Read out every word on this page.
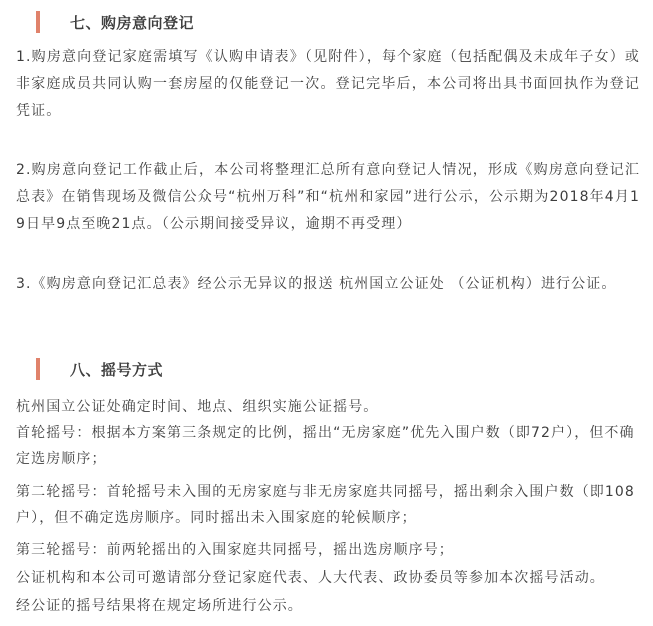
七、购房意向登记

1.购房意向登记家庭需填写《认购申请表》（见附件），每个家庭（包括配偶及未成年子女）或非家庭成员共同认购一套房屋的仅能登记一次。登记完毕后，本公司将出具书面回执作为登记凭证。

2.购房意向登记工作截止后，本公司将整理汇总所有意向登记人情况，形成《购房意向登记汇总表》在销售现场及微信公众号“杭州万科”和“杭州和家园”进行公示，公示期为2018年4月19日早9点至晚21点。（公示期间接受异议，逾期不再受理）

3.《购房意向登记汇总表》经公示无异议的报送 杭州国立公证处 （公证机构）进行公证。

八、摇号方式

杭州国立公证处确定时间、地点、组织实施公证摇号。

首轮摇号：根据本方案第三条规定的比例，摇出“无房家庭”优先入围户数（即72户），但不确定选房顺序；

第二轮摇号：首轮摇号未入围的无房家庭与非无房家庭共同摇号，摇出剩余入围户数（即108户），但不确定选房顺序。同时摇出未入围家庭的轮候顺序；

第三轮摇号：前两轮摇出的入围家庭共同摇号，摇出选房顺序号；

公证机构和本公司可邀请部分登记家庭代表、人大代表、政协委员等参加本次摇号活动。

经公证的摇号结果将在规定场所进行公示。
